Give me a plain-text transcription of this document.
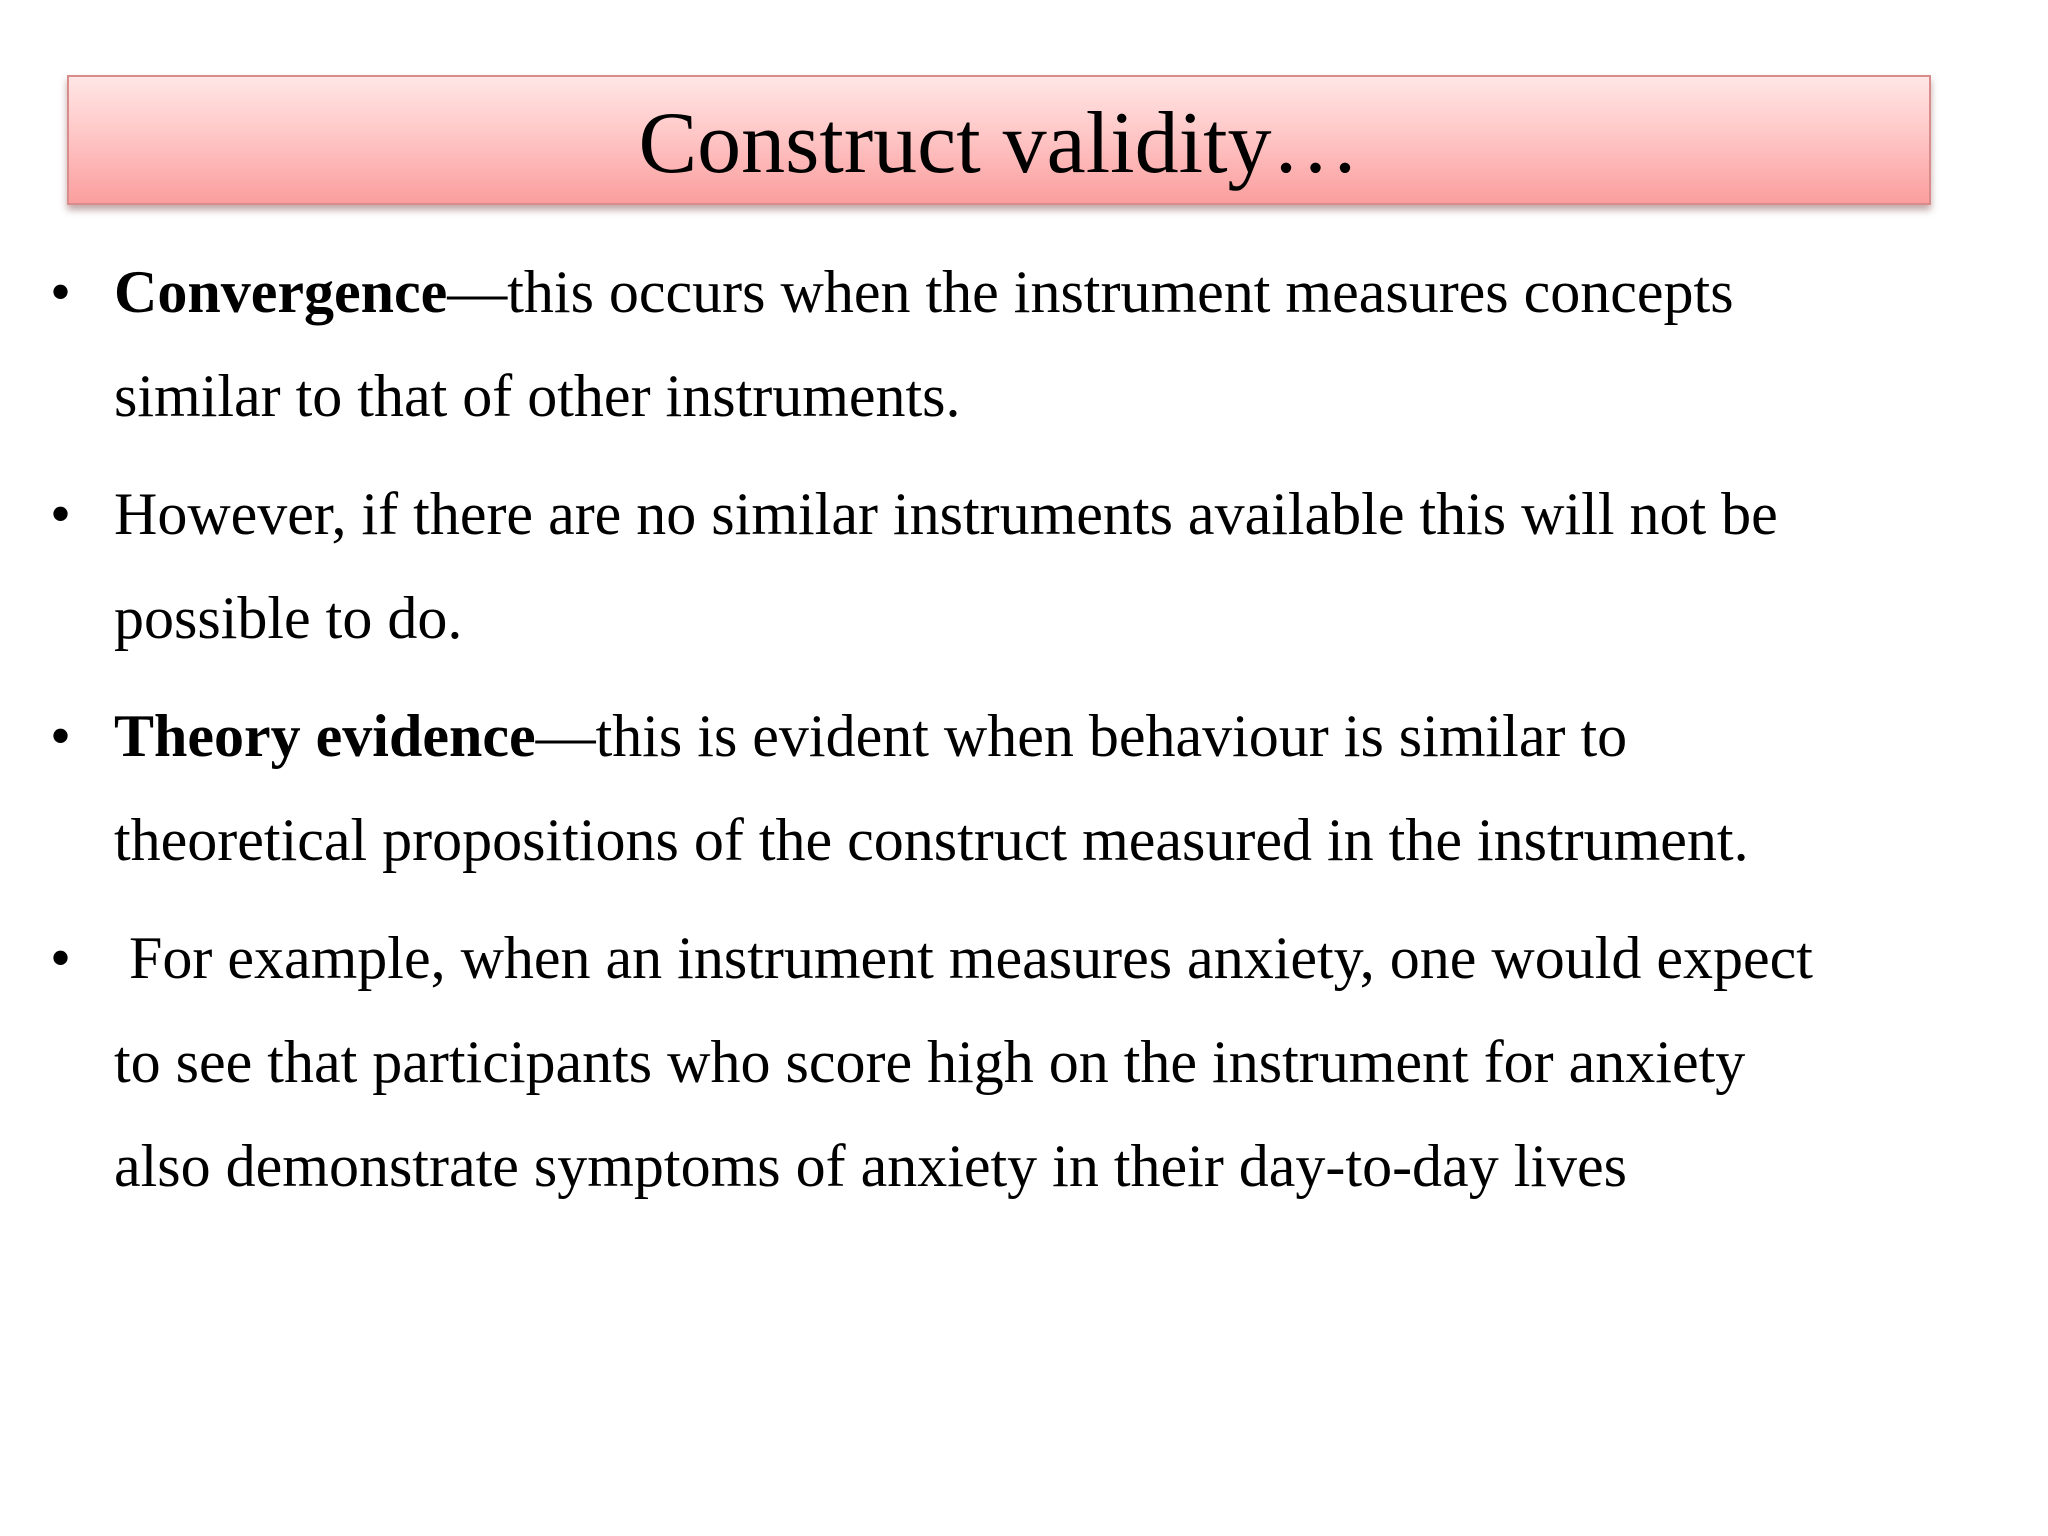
Construct validity…
• Convergence—this occurs when the instrument measures concepts
similar to that of other instruments.
• However, if there are no similar instruments available this will not be
possible to do.
• Theory evidence—this is evident when behaviour is similar to
theoretical propositions of the construct measured in the instrument.
• For example, when an instrument measures anxiety, one would expect
to see that participants who score high on the instrument for anxiety
also demonstrate symptoms of anxiety in their day-to-day lives
